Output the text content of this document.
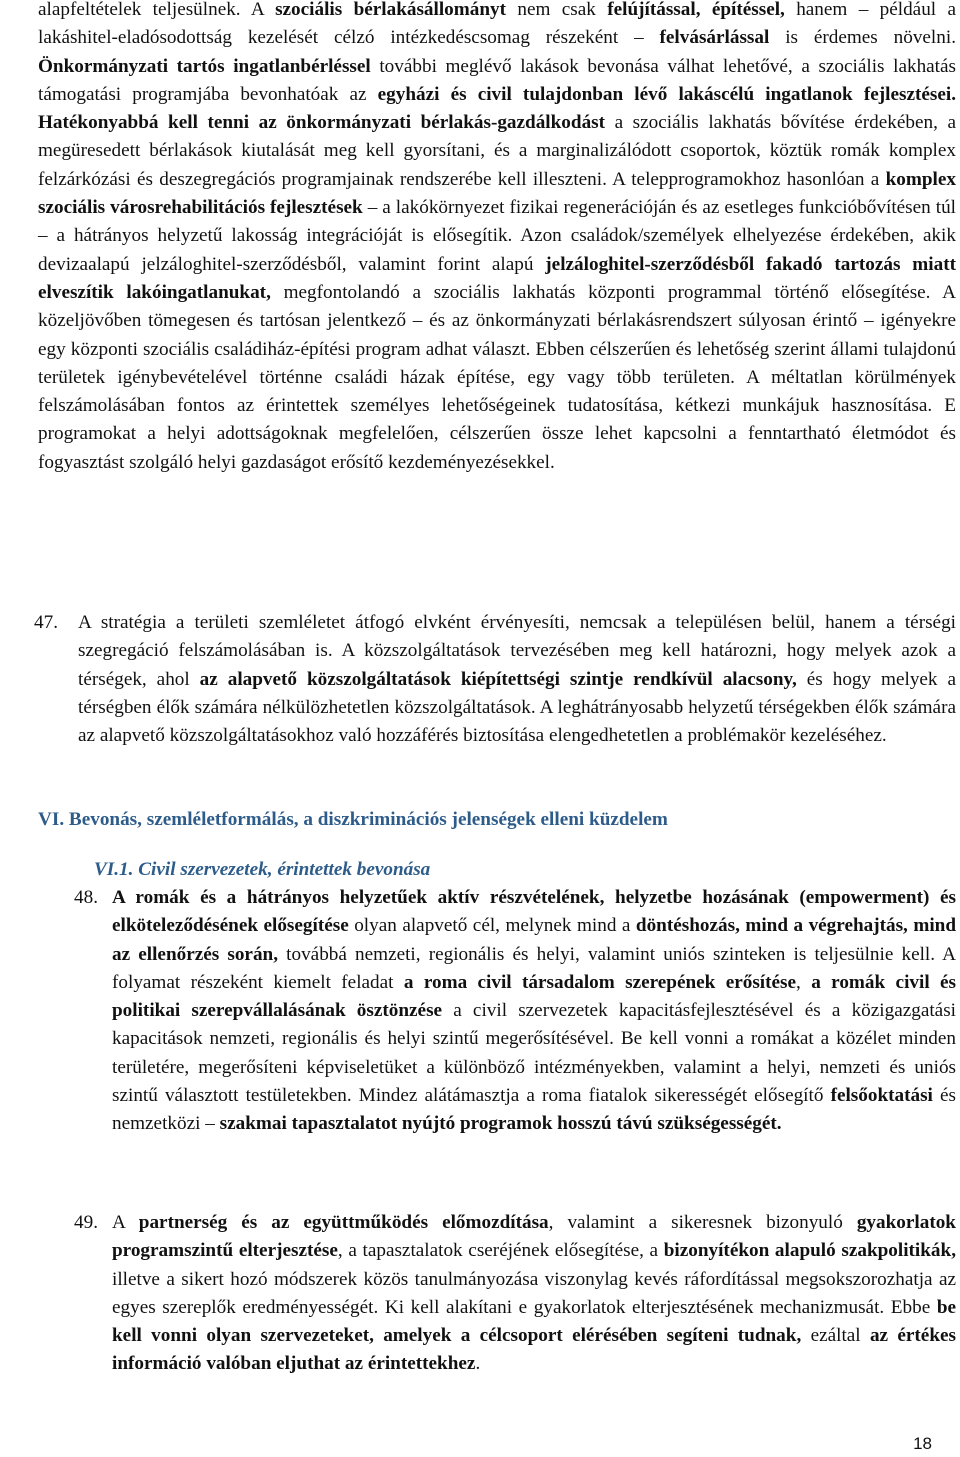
alapfeltételek teljesülnek. A szociális bérlakásállományt nem csak felújítással, építéssel, hanem – például a lakáshitel-eladósodottság kezelését célzó intézkedéscsomag részeként – felvásárlással is érdemes növelni. Önkormányzati tartós ingatlanbérléssel további meglévő lakások bevonása válhat lehetővé, a szociális lakhatás támogatási programjába bevonhatóak az egyházi és civil tulajdonban lévő lakáscélú ingatlanok fejlesztései. Hatékonyabbá kell tenni az önkormányzati bérlakás-gazdálkodást a szociális lakhatás bővítése érdekében, a megüresedett bérlakások kiutalását meg kell gyorsítani, és a marginalizálódott csoportok, köztük romák komplex felzárkózási és deszegregációs programjainak rendszerébe kell illeszteni. A telepprogramokhoz hasonlóan a komplex szociális városrehabilitációs fejlesztések – a lakókörnyezet fizikai regenerációján és az esetleges funkcióbővítésen túl – a hátrányos helyzetű lakosság integrációját is elősegítik. Azon családok/személyek elhelyezése érdekében, akik devizaalapú jelzáloghitel-szerződésből, valamint forint alapú jelzáloghitel-szerződésből fakadó tartozás miatt elveszítik lakóingatlanukat, megfontolandó a szociális lakhatás központi programmal történő elősegítése. A közeljövőben tömegesen és tartósan jelentkező – és az önkormányzati bérlakásrendszert súlyosan érintő – igényekre egy központi szociális családiház-építési program adhat választ. Ebben célszerűen és lehetőség szerint állami tulajdonú területek igénybevételével történne családi házak építése, egy vagy több területen. A méltatlan körülmények felszámolásában fontos az érintettek személyes lehetőségeinek tudatosítása, kétkezi munkájuk hasznosítása. E programokat a helyi adottságoknak megfelelően, célszerűen össze lehet kapcsolni a fenntartható életmódot és fogyasztást szolgáló helyi gazdaságot erősítő kezdeményezésekkel.

47.	A stratégia a területi szemléletet átfogó elvként érvényesíti, nemcsak a településen belül, hanem a térségi szegregáció felszámolásában is. A közszolgáltatások tervezésében meg kell határozni, hogy melyek azok a térségek, ahol az alapvető közszolgáltatások kiépítettségi szintje rendkívül alacsony, és hogy melyek a térségben élők számára nélkülözhetetlen közszolgáltatások. A leghátrányosabb helyzetű térségekben élők számára az alapvető közszolgáltatásokhoz való hozzáférés biztosítása elengedhetetlen a problémakör kezeléséhez.

VI. Bevonás, szemléletformálás, a diszkriminációs jelenségek elleni küzdelem
VI.1. Civil szervezetek, érintettek bevonása
48. A romák és a hátrányos helyzetűek aktív részvételének, helyzetbe hozásának (empowerment) és elköteleződésének elősegítése olyan alapvető cél, melynek mind a döntéshozás, mind a végrehajtás, mind az ellenőrzés során, továbbá nemzeti, regionális és helyi, valamint uniós szinteken is teljesülnie kell. A folyamat részeként kiemelt feladat a roma civil társadalom szerepének erősítése, a romák civil és politikai szerepvállalásának ösztönzése a civil szervezetek kapacitásfejlesztésével és a közigazgatási kapacitások nemzeti, regionális és helyi szintű megerősítésével. Be kell vonni a romákat a közélet minden területére, megerősíteni képviseletüket a különböző intézményekben, valamint a helyi, nemzeti és uniós szintű választott testületekben. Mindez alátámasztja a roma fiatalok sikerességét elősegítő felsőoktatási és nemzetközi – szakmai tapasztalatot nyújtó programok hosszú távú szükségességét.

49. A partnerség és az együttműködés előmozdítása, valamint a sikeresnek bizonyuló gyakorlatok programszintű elterjesztése, a tapasztalatok cseréjének elősegítése, a bizonyítékon alapuló szakpolitikák, illetve a sikert hozó módszerek közös tanulmányozása viszonylag kevés ráfordítással megsokszorozhatja az egyes szereplők eredményességét. Ki kell alakítani e gyakorlatok elterjesztésének mechanizmusát. Ebbe be kell vonni olyan szervezeteket, amelyek a célcsoport elérésében segíteni tudnak, ezáltal az értékes információ valóban eljuthat az érintettekhez.

18
